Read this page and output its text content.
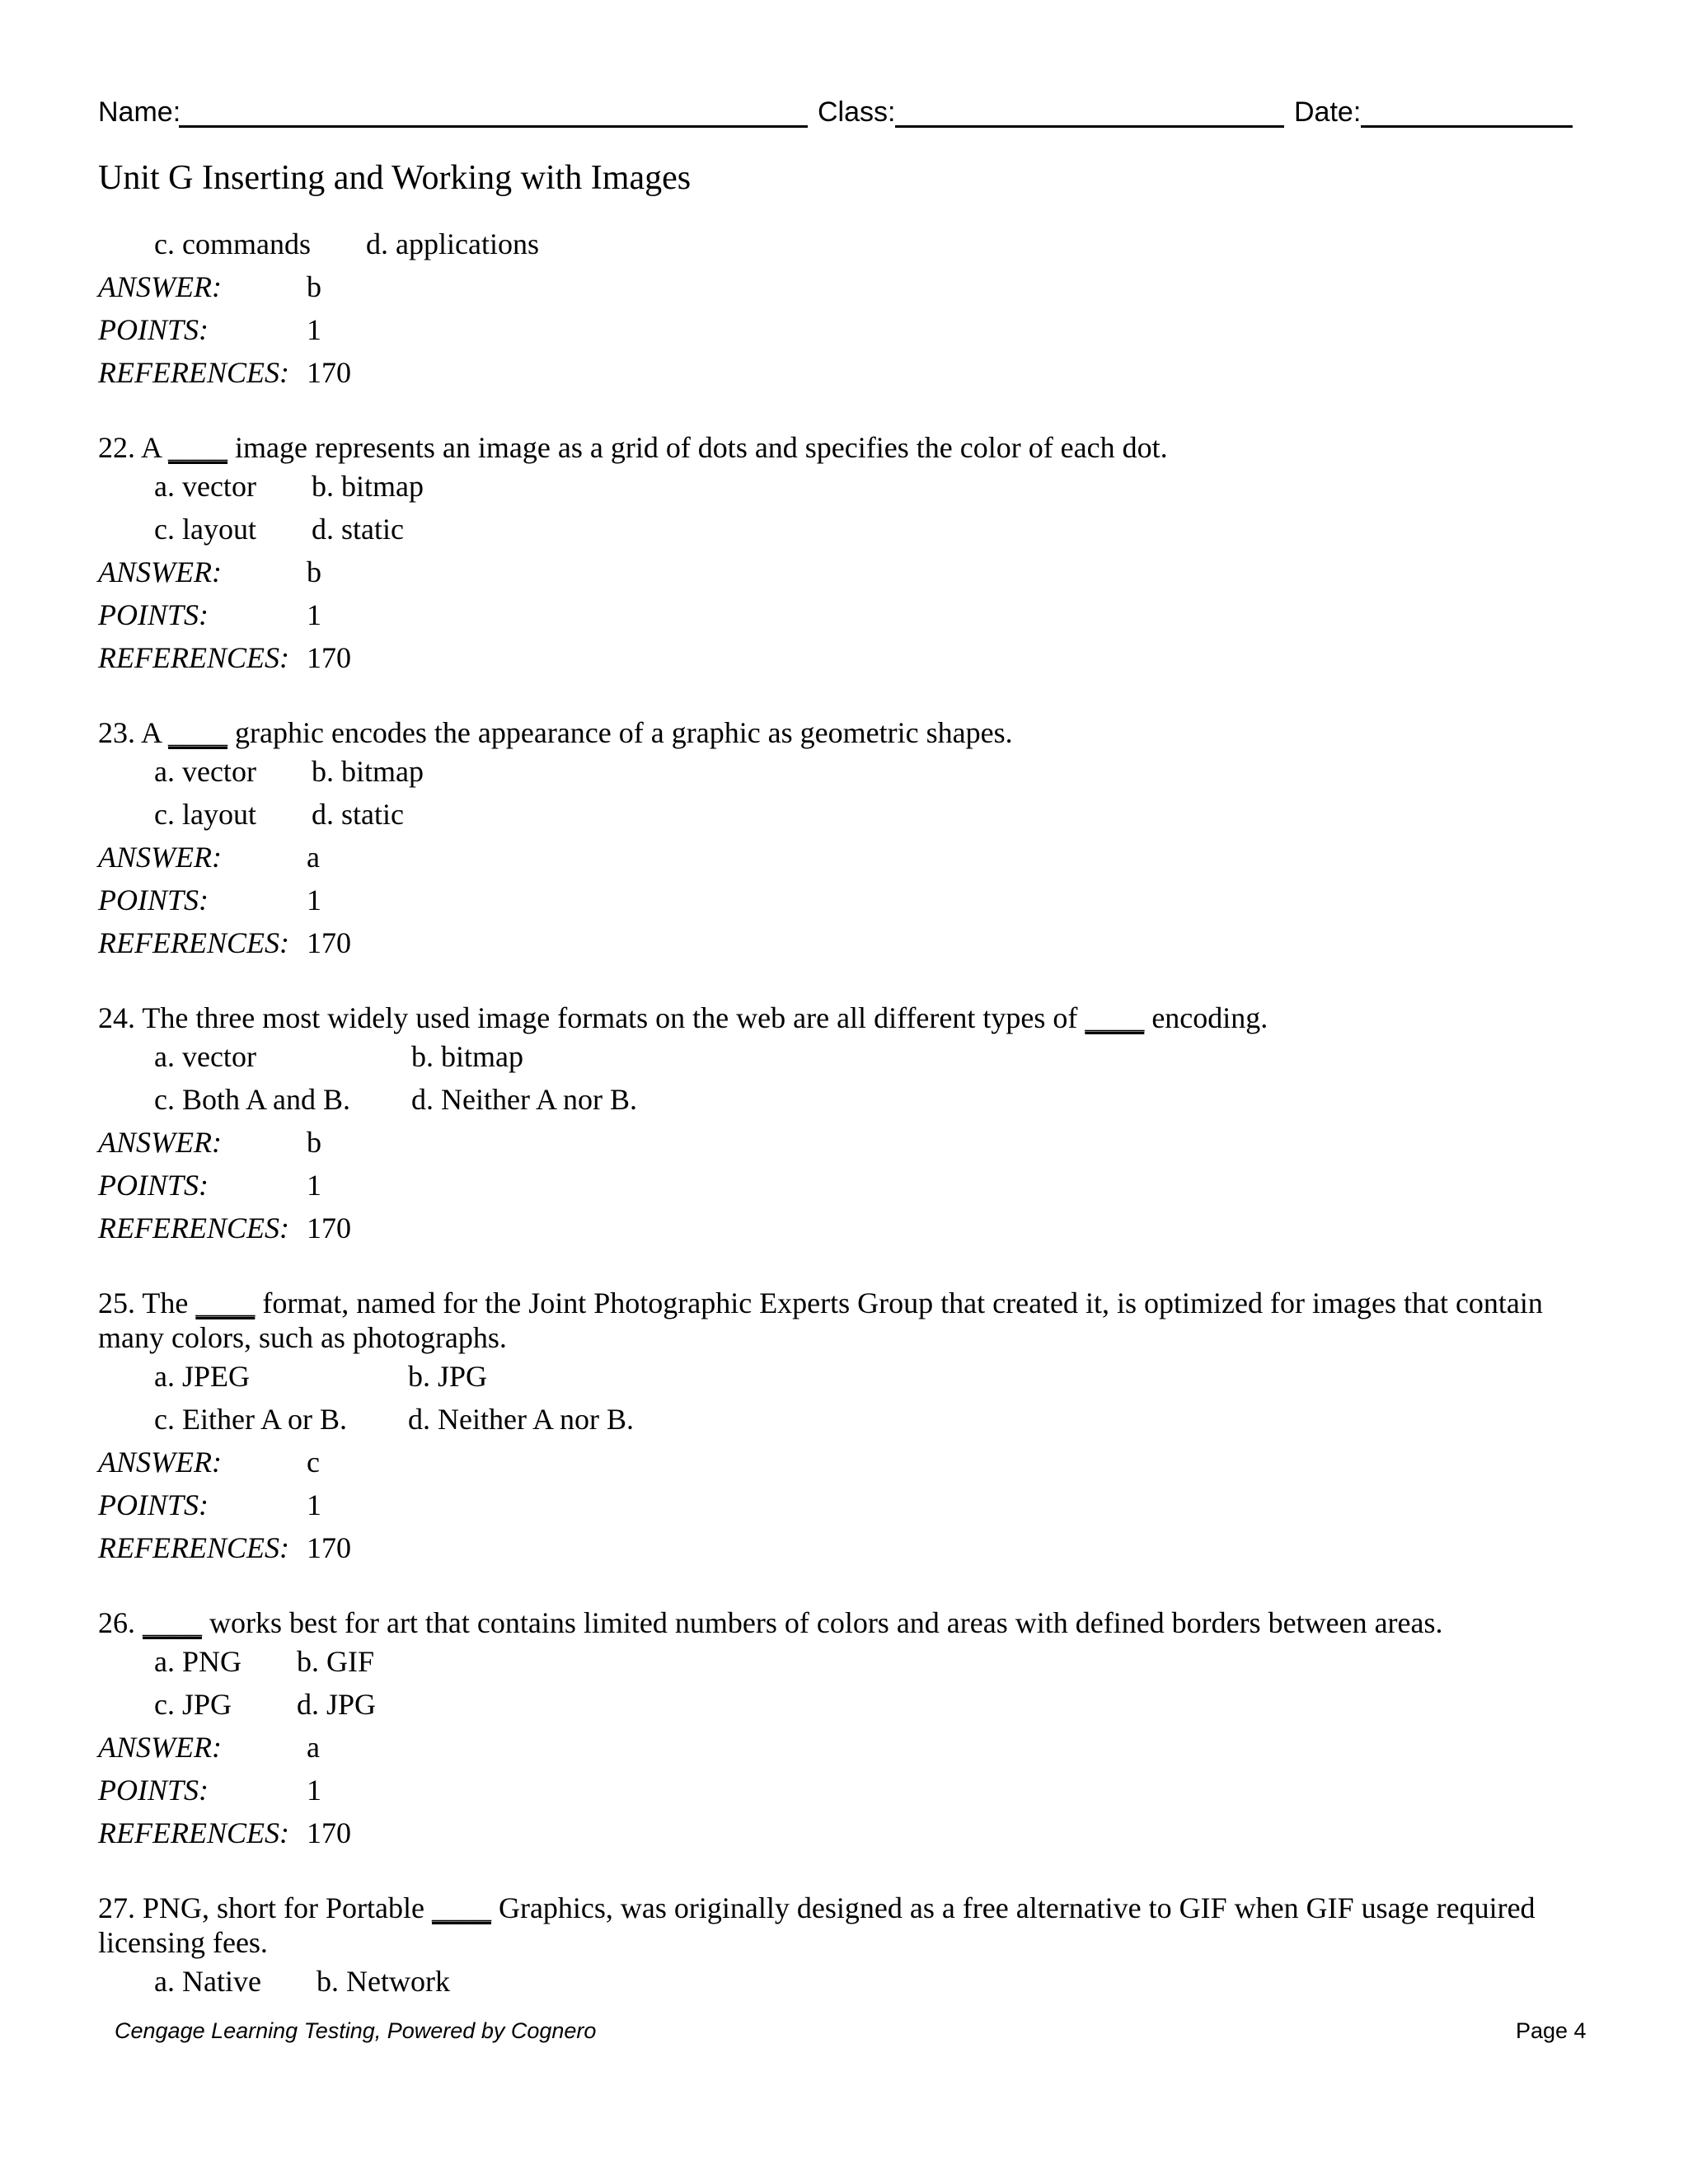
Name:	Class:	Date:
Unit G Inserting and Working with Images
c. commands d. applications
ANSWER:	b
POINTS:	1
REFERENCES: 170
22. A ____ image represents an image as a grid of dots and specifies the color of each dot.
a. vector b. bitmap
c. layout d. static
ANSWER:	b
POINTS:	1
REFERENCES: 170
23. A ____ graphic encodes the appearance of a graphic as geometric shapes.
a. vector b. bitmap
c. layout d. static
ANSWER:	a
POINTS:	1
REFERENCES: 170
24. The three most widely used image formats on the web are all different types of ____ encoding.
a. vector	b. bitmap
c. Both A and B. d. Neither A nor B.
ANSWER:	b
POINTS:	1
REFERENCES: 170
25. The ____ format, named for the Joint Photographic Experts Group that created it, is optimized for images that contain
many colors, such as photographs.
a. JPEG	b. JPG
c. Either A or B. d. Neither A nor B.
ANSWER:	c
POINTS:	1
REFERENCES: 170
26. ____ works best for art that contains limited numbers of colors and areas with defined borders between areas.
a. PNG b. GIF
c. JPG d. JPG
ANSWER:	a
POINTS:	1
REFERENCES: 170
27. PNG, short for Portable ____ Graphics, was originally designed as a free alternative to GIF when GIF usage required
licensing fees.
a. Native b. Network
Cengage Learning Testing, Powered by Cognero	Page 4
